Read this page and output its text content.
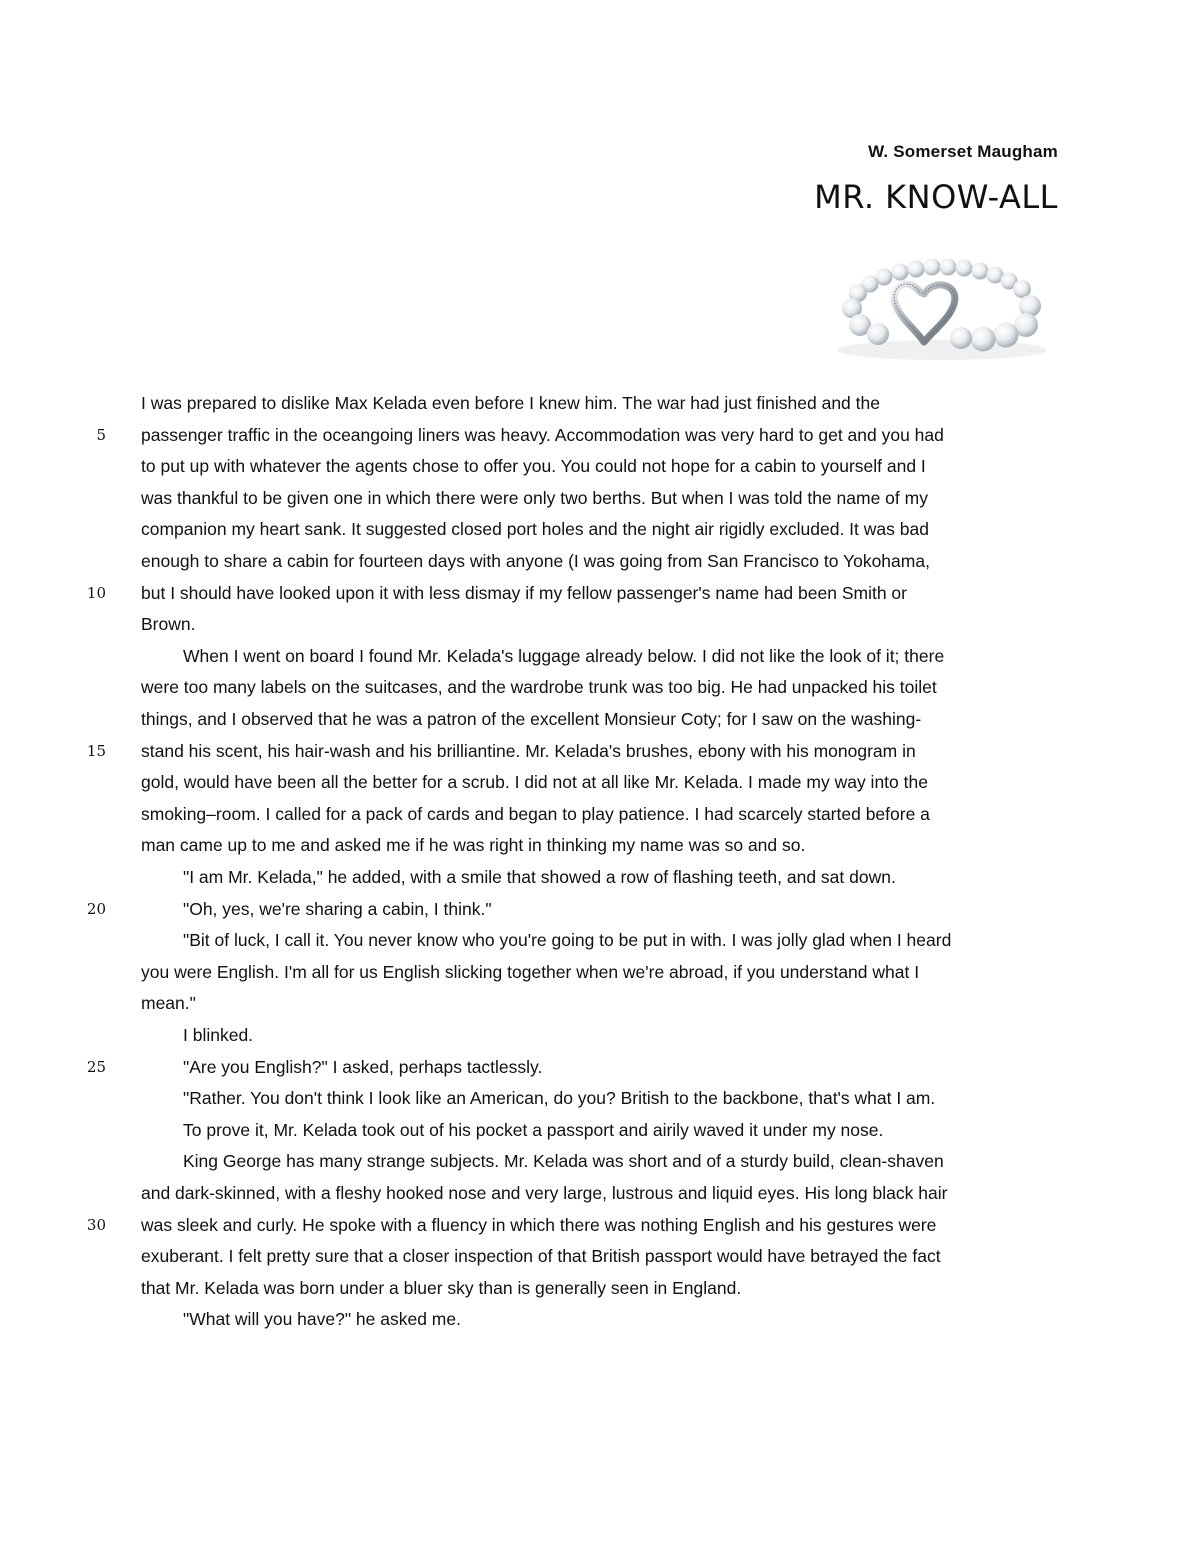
W. Somerset Maugham
MR. KNOW-ALL
I was prepared to dislike Max Kelada even before I knew him. The war had just finished and the
5 passenger traffic in the oceangoing liners was heavy. Accommodation was very hard to get and you had
to put up with whatever the agents chose to offer you. You could not hope for a cabin to yourself and I
was thankful to be given one in which there were only two berths. But when I was told the name of my
companion my heart sank. It suggested closed port holes and the night air rigidly excluded. It was bad
enough to share a cabin for fourteen days with anyone (I was going from San Francisco to Yokohama,
10 but I should have looked upon it with less dismay if my fellow passenger's name had been Smith or
Brown.
When I went on board I found Mr. Kelada's luggage already below. I did not like the look of it; there
were too many labels on the suitcases, and the wardrobe trunk was too big. He had unpacked his toilet
things, and I observed that he was a patron of the excellent Monsieur Coty; for I saw on the washing-
15 stand his scent, his hair-wash and his brilliantine. Mr. Kelada's brushes, ebony with his monogram in
gold, would have been all the better for a scrub. I did not at all like Mr. Kelada. I made my way into the
smoking–room. I called for a pack of cards and began to play patience. I had scarcely started before a
man came up to me and asked me if he was right in thinking my name was so and so.
"I am Mr. Kelada," he added, with a smile that showed a row of flashing teeth, and sat down.
20	"Oh, yes, we're sharing a cabin, I think."
"Bit of luck, I call it. You never know who you're going to be put in with. I was jolly glad when I heard
you were English. I'm all for us English slicking together when we're abroad, if you understand what I
mean."
I blinked.
25	"Are you English?" I asked, perhaps tactlessly.
"Rather. You don't think I look like an American, do you? British to the backbone, that's what I am.
To prove it, Mr. Kelada took out of his pocket a passport and airily waved it under my nose.
King George has many strange subjects. Mr. Kelada was short and of a sturdy build, clean-shaven
and dark-skinned, with a fleshy hooked nose and very large, lustrous and liquid eyes. His long black hair
30 was sleek and curly. He spoke with a fluency in which there was nothing English and his gestures were
exuberant. I felt pretty sure that a closer inspection of that British passport would have betrayed the fact
that Mr. Kelada was born under a bluer sky than is generally seen in England.
"What will you have?" he asked me.
